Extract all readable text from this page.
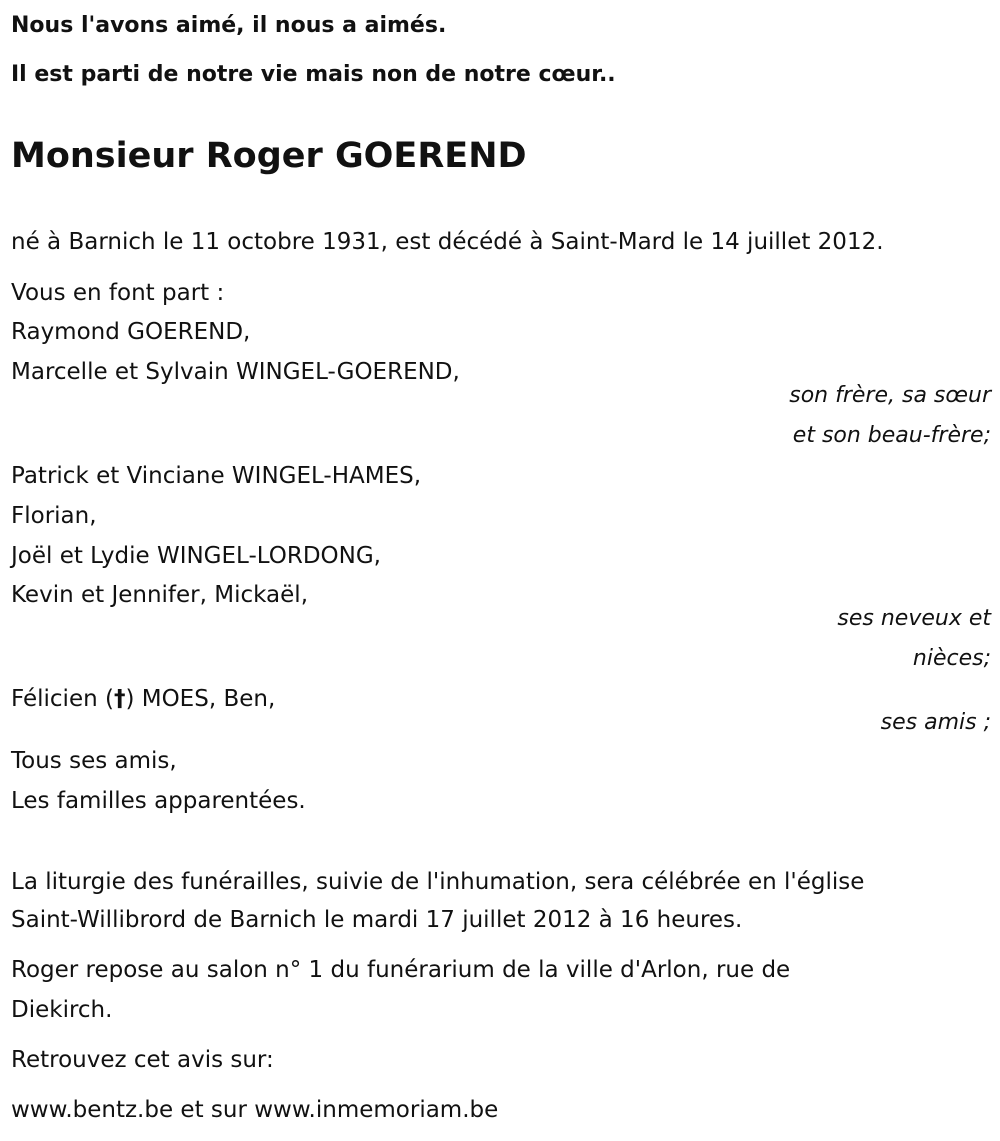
Nous l'avons aimé, il nous a aimés.
Il est parti de notre vie mais non de notre cœur..
Monsieur Roger GOEREND
né à Barnich le 11 octobre 1931, est décédé à Saint-Mard le 14 juillet 2012.
Vous en font part :
Raymond GOEREND,
Marcelle et Sylvain WINGEL-GOEREND,
son frère, sa sœur
et son beau-frère;
Patrick et Vinciane WINGEL-HAMES,
Florian,
Joël et Lydie WINGEL-LORDONG,
Kevin et Jennifer, Mickaël,
ses neveux et
nièces;
Félicien (†) MOES, Ben,
ses amis ;
Tous ses amis,
Les familles apparentées.
La liturgie des funérailles, suivie de l'inhumation, sera célébrée en l'église
Saint-Willibrord de Barnich le mardi 17 juillet 2012 à 16 heures.
Roger repose au salon n° 1 du funérarium de la ville d'Arlon, rue de
Diekirch.
Retrouvez cet avis sur:
www.bentz.be et sur www.inmemoriam.be
